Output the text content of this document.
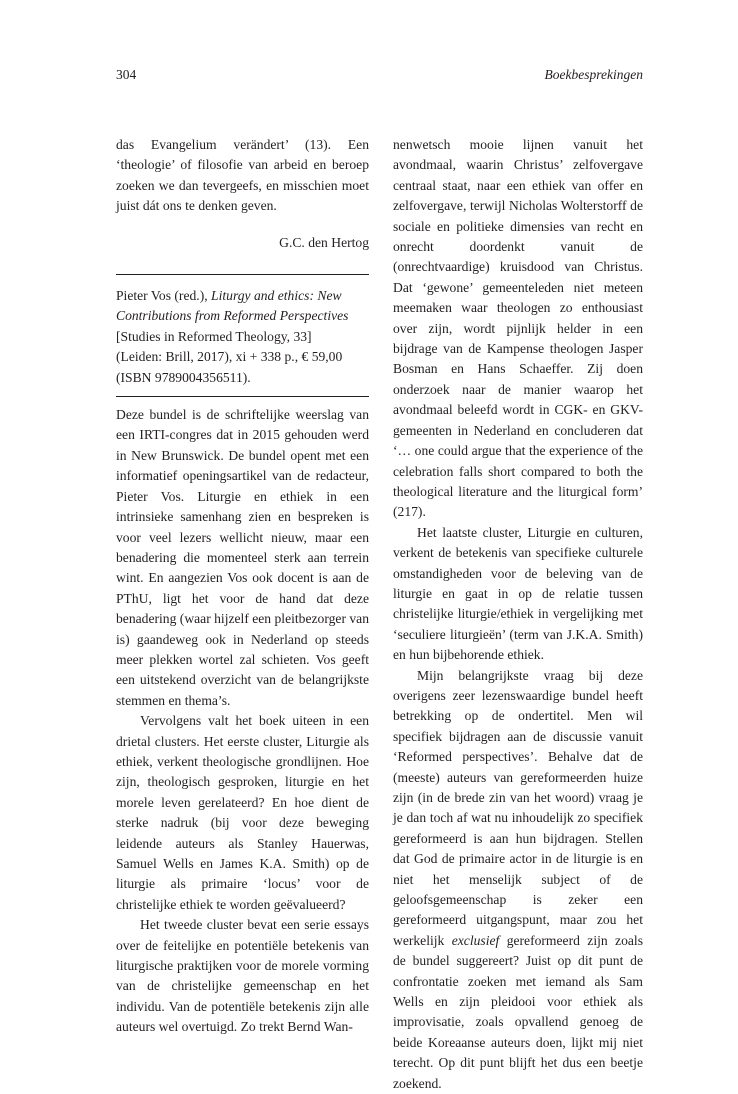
304	Boekbesprekingen

das Evangelium verändert’ (13). Een ‘theologie’ of filosofie van arbeid en beroep zoeken we dan tevergeefs, en misschien moet juist dát ons te denken geven.

G.C. den Hertog

Pieter Vos (red.), Liturgy and ethics: New Contributions from Reformed Perspectives
[Studies in Reformed Theology, 33]
(Leiden: Brill, 2017), xi + 338 p., € 59,00
(ISBN 9789004356511).

Deze bundel is de schriftelijke weerslag van een IRTI-congres dat in 2015 gehouden werd in New Brunswick. De bundel opent met een informatief openingsartikel van de redacteur, Pieter Vos. Liturgie en ethiek in een intrinsieke samenhang zien en bespreken is voor veel lezers wellicht nieuw, maar een benadering die momenteel sterk aan terrein wint. En aangezien Vos ook docent is aan de PThU, ligt het voor de hand dat deze benadering (waar hijzelf een pleitbezorger van is) gaandeweg ook in Nederland op steeds meer plekken wortel zal schieten. Vos geeft een uitstekend overzicht van de belangrijkste stemmen en thema’s.

Vervolgens valt het boek uiteen in een drietal clusters. Het eerste cluster, Liturgie als ethiek, verkent theologische grondlijnen. Hoe zijn, theologisch gesproken, liturgie en het morele leven gerelateerd? En hoe dient de sterke nadruk (bij voor deze beweging leidende auteurs als Stanley Hauerwas, Samuel Wells en James K.A. Smith) op de liturgie als primaire ‘locus’ voor de christelijke ethiek te worden geëvalueerd?

Het tweede cluster bevat een serie essays over de feitelijke en potentiële betekenis van liturgische praktijken voor de morele vorming van de christelijke gemeenschap en het individu. Van de potentiële betekenis zijn alle auteurs wel overtuigd. Zo trekt Bernd Wan-

nenwetsch mooie lijnen vanuit het avondmaal, waarin Christus’ zelfovergave centraal staat, naar een ethiek van offer en zelfovergave, terwijl Nicholas Wolterstorff de sociale en politieke dimensies van recht en onrecht doordenkt vanuit de (onrechtvaardige) kruisdood van Christus. Dat ‘gewone’ gemeenteleden niet meteen meemaken waar theologen zo enthousiast over zijn, wordt pijnlijk helder in een bijdrage van de Kampense theologen Jasper Bosman en Hans Schaeffer. Zij doen onderzoek naar de manier waarop het avondmaal beleefd wordt in CGK- en GKV-gemeenten in Nederland en concluderen dat ‘… one could argue that the experience of the celebration falls short compared to both the theological literature and the liturgical form’ (217).

Het laatste cluster, Liturgie en culturen, verkent de betekenis van specifieke culturele omstandigheden voor de beleving van de liturgie en gaat in op de relatie tussen christelijke liturgie/ethiek in vergelijking met ‘seculiere liturgieën’ (term van J.K.A. Smith) en hun bijbehorende ethiek.

Mijn belangrijkste vraag bij deze overigens zeer lezenswaardige bundel heeft betrekking op de ondertitel. Men wil specifiek bijdragen aan de discussie vanuit ‘Reformed perspectives’. Behalve dat de (meeste) auteurs van gereformeerden huize zijn (in de brede zin van het woord) vraag je je dan toch af wat nu inhoudelijk zo specifiek gereformeerd is aan hun bijdragen. Stellen dat God de primaire actor in de liturgie is en niet het menselijk subject of de geloofsgemeenschap is zeker een gereformeerd uitgangspunt, maar zou het werkelijk exclusief gereformeerd zijn zoals de bundel suggereert? Juist op dit punt de confrontatie zoeken met iemand als Sam Wells en zijn pleidooi voor ethiek als improvisatie, zoals opvallend genoeg de beide Koreaanse auteurs doen, lijkt mij niet terecht. Op dit punt blijft het dus een beetje zoekend.
